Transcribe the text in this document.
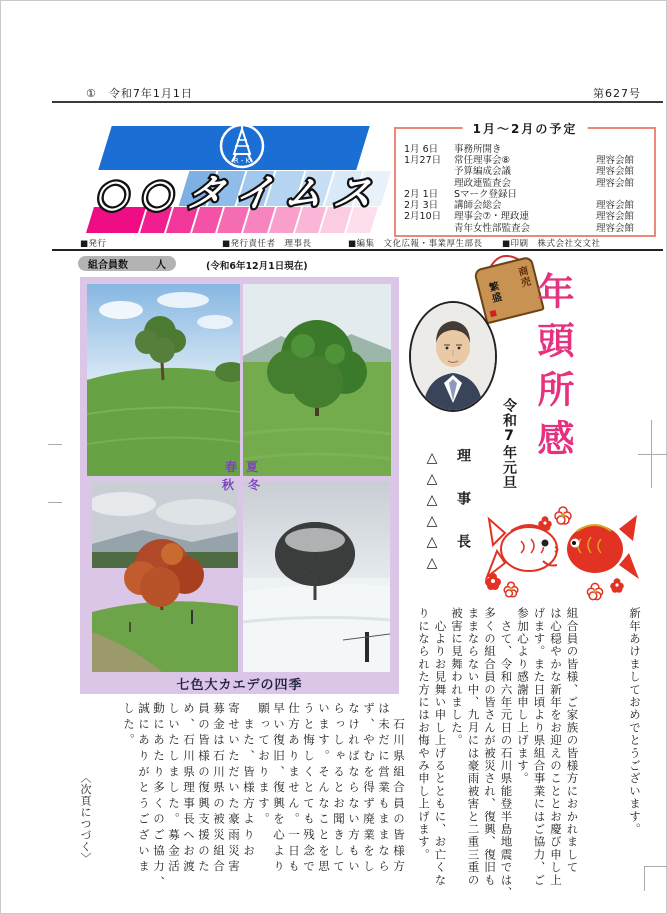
①　令和7年1月1日	第627号
○○タイムス
R・K
1月〜2月の予定
1月 6日	事務所開き
1月27日	常任理事会⑧	理容会館
予算編成会議	理容会館
理政連監査会	理容会館
2月 1日	Sマーク登録日
2月 3日	講師会総会	理容会館
2月10日	理事会⑦・理政連	理容会館
青年女性部監査会	理容会館
■発行	■発行責任者　理事長	■編集　文化広報・事業厚生部長 ■印刷　株式会社交文社
組合員数	人	(令和6年12月1日現在)
春 夏
秋 冬
七色大カエデの四季
商売
繁盛 年頭所感
令和7年元旦
理事長
△△△△△△
新年あけましておめでとうございます。
組合員の皆様、ご家族の皆様方におかれまして
は心穏やかな新年をお迎えのこととお慶び申し上
げます。また日頃より県組合事業にはご協力、ご
参加心より感謝申し上げます。
　さて、令和六年元日の石川県能登半島地震では、
多くの組合員の皆さんが被災され、復興、復旧も
ままならない中、九月には豪雨被害と二重三重の
被害に見舞われました。
　心よりお見舞い申し上げるとともに、お亡くな
りになられた方にはお悔やみ申し上げます。
　石川県組合員の皆様方
は未だに営業もままなら
ず、やむを得ず廃業をし
なければならない方もい
らっしゃるとお聞きして
います。そんなことを思
うと悔しくとても残念で
仕方ありません。一日も
早い復旧、復興を心より
願っております。
　また、皆様方よりお
寄せいただいた豪雨災害
募金は石川県の被災組合
員の皆様の復興支援のた
め、石川県理事長へお渡
しいたしました。募金活
動にあたり多くのご協力、
誠にありがとうございま
した。
〈次頁につづく〉
